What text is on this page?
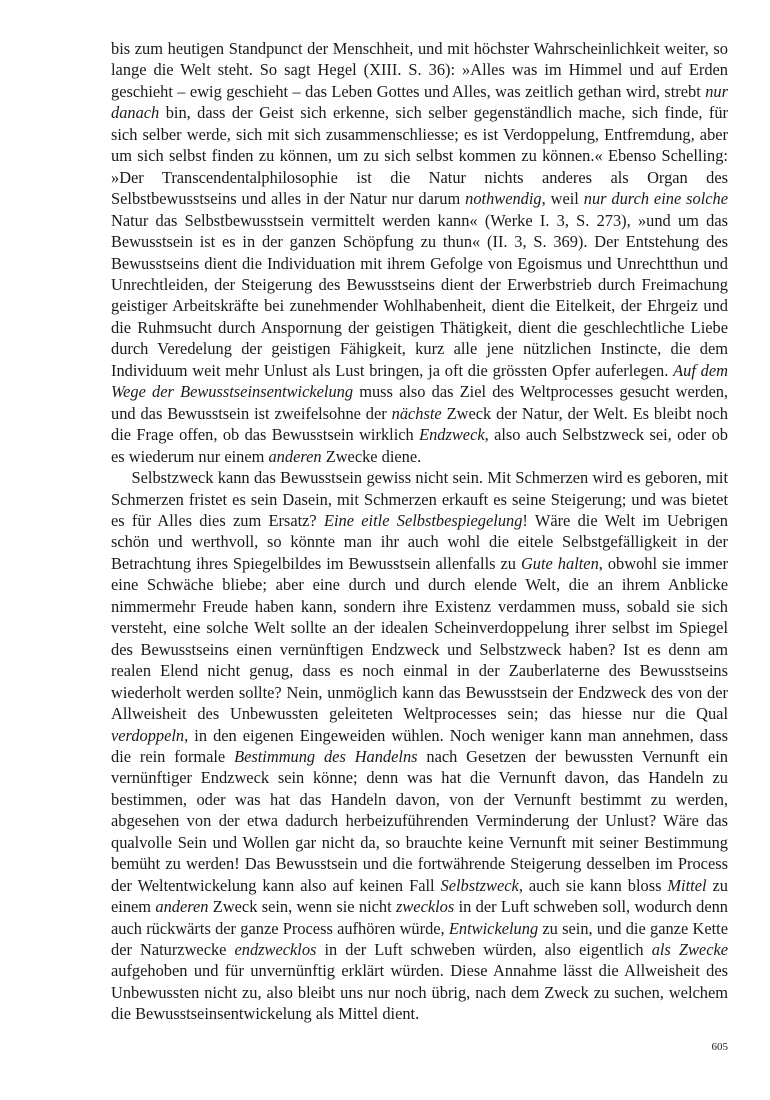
bis zum heutigen Standpunct der Menschheit, und mit höchster Wahrscheinlichkeit weiter, so lange die Welt steht. So sagt Hegel (XIII. S. 36): »Alles was im Himmel und auf Erden geschieht – ewig geschieht – das Leben Gottes und Alles, was zeitlich gethan wird, strebt nur danach bin, dass der Geist sich erkenne, sich selber gegenständlich mache, sich finde, für sich selber werde, sich mit sich zusammenschliesse; es ist Verdoppelung, Entfremdung, aber um sich selbst finden zu können, um zu sich selbst kommen zu können.« Ebenso Schelling: »Der Transcendentalphilosophie ist die Natur nichts anderes als Organ des Selbstbewusstseins und alles in der Natur nur darum nothwendig, weil nur durch eine solche Natur das Selbstbewusstsein vermittelt werden kann« (Werke I. 3, S. 273), »und um das Bewusstsein ist es in der ganzen Schöpfung zu thun« (II. 3, S. 369). Der Entstehung des Bewusstseins dient die Individuation mit ihrem Gefolge von Egoismus und Unrechtthun und Unrechtleiden, der Steigerung des Bewusstseins dient der Erwerbstrieb durch Freimachung geistiger Arbeitskräfte bei zunehmender Wohlhabenheit, dient die Eitelkeit, der Ehrgeiz und die Ruhmsucht durch Anspornung der geistigen Thätigkeit, dient die geschlechtliche Liebe durch Veredelung der geistigen Fähigkeit, kurz alle jene nützlichen Instincte, die dem Individuum weit mehr Unlust als Lust bringen, ja oft die grössten Opfer auferlegen. Auf dem Wege der Bewusstseinsentwickelung muss also das Ziel des Weltprocesses gesucht werden, und das Bewusstsein ist zweifelsohne der nächste Zweck der Natur, der Welt. Es bleibt noch die Frage offen, ob das Bewusstsein wirklich Endzweck, also auch Selbstzweck sei, oder ob es wiederum nur einem anderen Zwecke diene.

Selbstzweck kann das Bewusstsein gewiss nicht sein. Mit Schmerzen wird es geboren, mit Schmerzen fristet es sein Dasein, mit Schmerzen erkauft es seine Steigerung; und was bietet es für Alles dies zum Ersatz? Eine eitle Selbstbespiegelung! Wäre die Welt im Uebrigen schön und werthvoll, so könnte man ihr auch wohl die eitele Selbstgefälligkeit in der Betrachtung ihres Spiegelbildes im Bewusstsein allenfalls zu Gute halten, obwohl sie immer eine Schwäche bliebe; aber eine durch und durch elende Welt, die an ihrem Anblicke nimmermehr Freude haben kann, sondern ihre Existenz verdammen muss, sobald sie sich versteht, eine solche Welt sollte an der idealen Scheinverdoppelung ihrer selbst im Spiegel des Bewusstseins einen vernünftigen Endzweck und Selbstzweck haben? Ist es denn am realen Elend nicht genug, dass es noch einmal in der Zauberlaterne des Bewusstseins wiederholt werden sollte? Nein, unmöglich kann das Bewusstsein der Endzweck des von der Allweisheit des Unbewussten geleiteten Weltprocesses sein; das hiesse nur die Qual verdoppeln, in den eigenen Eingeweiden wühlen. Noch weniger kann man annehmen, dass die rein formale Bestimmung des Handelns nach Gesetzen der bewussten Vernunft ein vernünftiger Endzweck sein könne; denn was hat die Vernunft davon, das Handeln zu bestimmen, oder was hat das Handeln davon, von der Vernunft bestimmt zu werden, abgesehen von der etwa dadurch herbeizuführenden Verminderung der Unlust? Wäre das qualvolle Sein und Wollen gar nicht da, so brauchte keine Vernunft mit seiner Bestimmung bemüht zu werden! Das Bewusstsein und die fortwährende Steigerung desselben im Process der Weltentwickelung kann also auf keinen Fall Selbstzweck, auch sie kann bloss Mittel zu einem anderen Zweck sein, wenn sie nicht zwecklos in der Luft schweben soll, wodurch denn auch rückwärts der ganze Process aufhören würde, Entwickelung zu sein, und die ganze Kette der Naturzwecke endzwecklos in der Luft schweben würden, also eigentlich als Zwecke aufgehoben und für unvernünftig erklärt würden. Diese Annahme lässt die Allweisheit des Unbewussten nicht zu, also bleibt uns nur noch übrig, nach dem Zweck zu suchen, welchem die Bewusstseinsentwickelung als Mittel dient.

605
